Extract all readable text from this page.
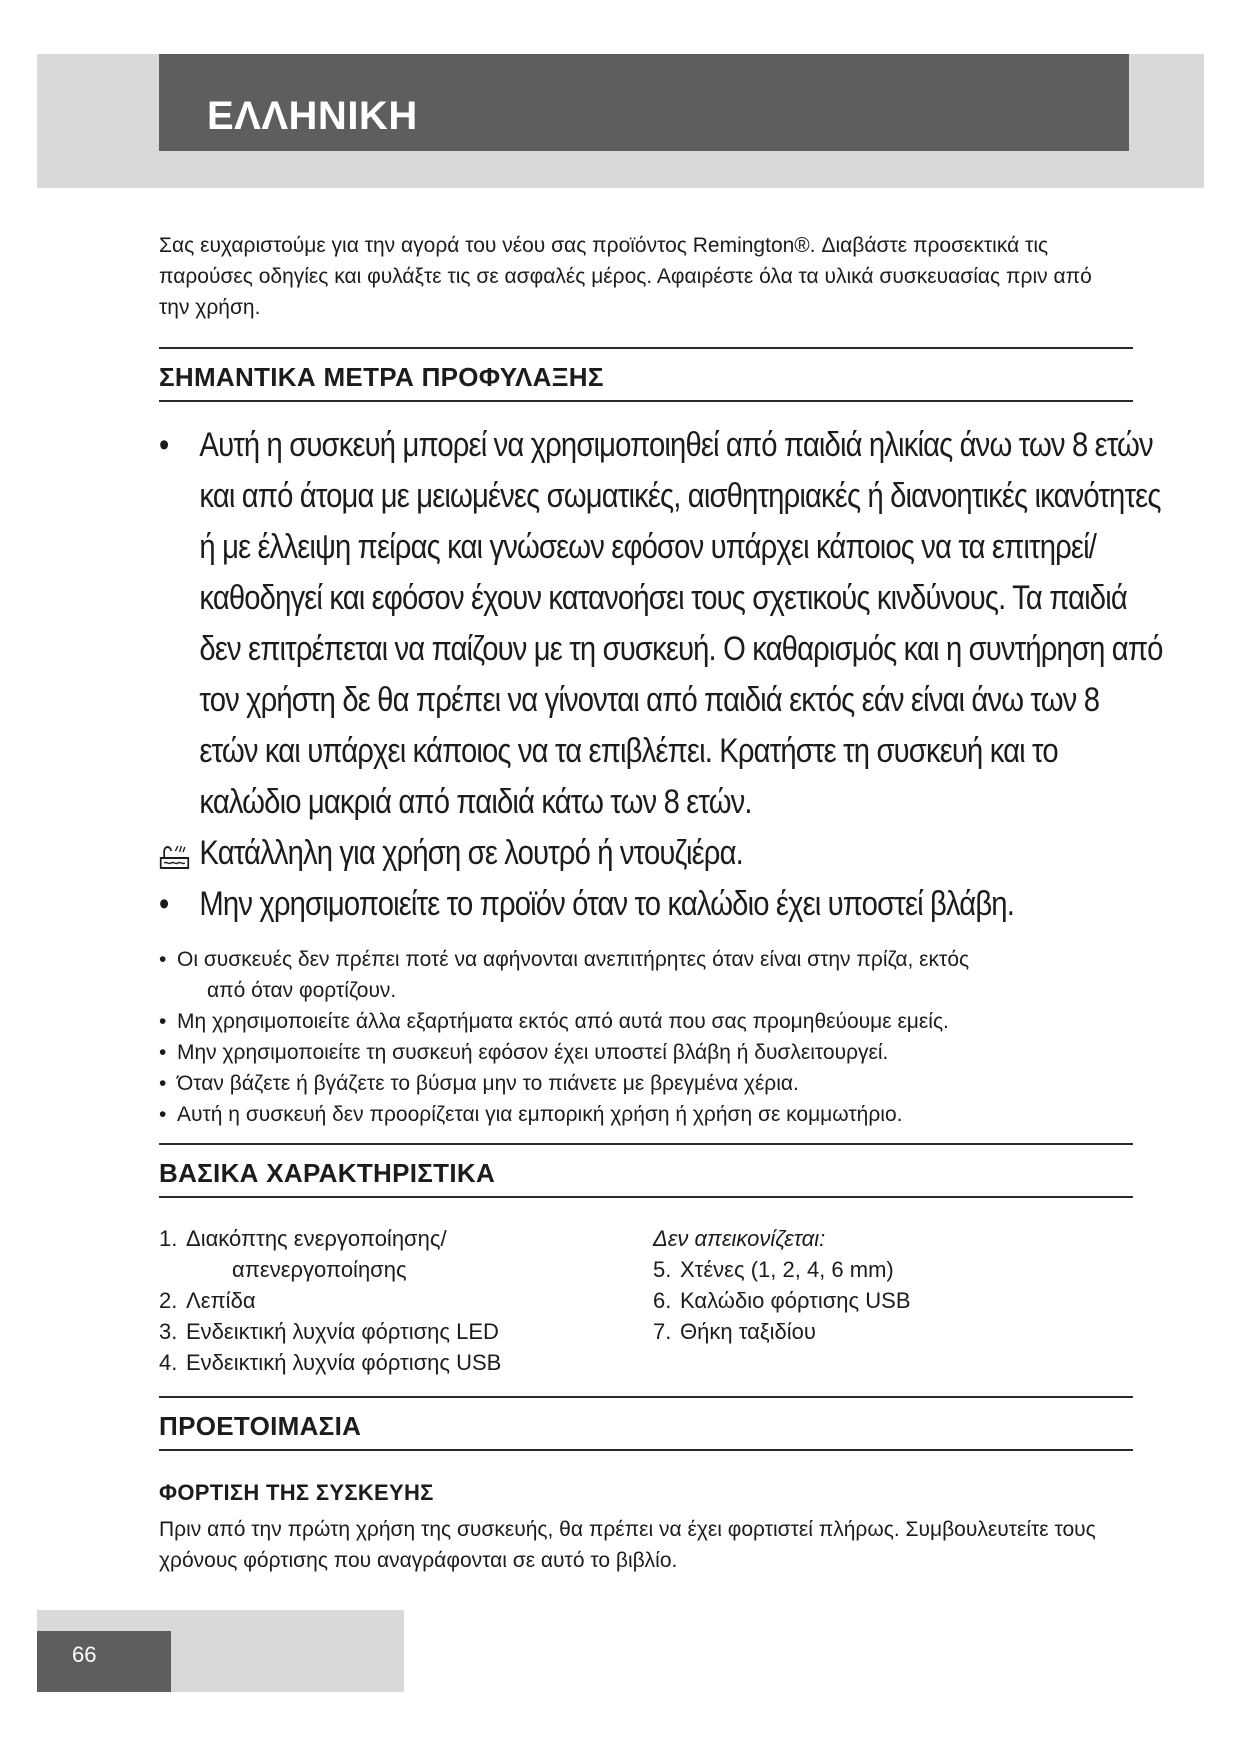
ΕΛΛΗΝΙΚΗ

Σας ευχαριστούμε για την αγορά του νέου σας προϊόντος Remington®. Διαβάστε προσεκτικά τις παρούσες οδηγίες και φυλάξτε τις σε ασφαλές μέρος. Αφαιρέστε όλα τα υλικά συσκευασίας πριν από την χρήση.

ΣΗΜΑΝΤΙΚΑ ΜΕΤΡΑ ΠΡΟΦΥΛΑΞΗΣ
• Αυτή η συσκευή μπορεί να χρησιμοποιηθεί από παιδιά ηλικίας άνω των 8 ετών και από άτομα με μειωμένες σωματικές, αισθητηριακές ή διανοητικές ικανότητες ή με έλλειψη πείρας και γνώσεων εφόσον υπάρχει κάποιος να τα επιτηρεί/καθοδηγεί και εφόσον έχουν κατανοήσει τους σχετικούς κινδύνους. Τα παιδιά δεν επιτρέπεται να παίζουν με τη συσκευή. Ο καθαρισμός και η συντήρηση από τον χρήστη δε θα πρέπει να γίνονται από παιδιά εκτός εάν είναι άνω των 8 ετών και υπάρχει κάποιος να τα επιβλέπει. Κρατήστε τη συσκευή και το καλώδιο μακριά από παιδιά κάτω των 8 ετών.
Κατάλληλη για χρήση σε λουτρό ή ντουζιέρα.
• Μην χρησιμοποιείτε το προϊόν όταν το καλώδιο έχει υποστεί βλάβη.
• Οι συσκευές δεν πρέπει ποτέ να αφήνονται ανεπιτήρητες όταν είναι στην πρίζα, εκτός
από όταν φορτίζουν.
• Μη χρησιμοποιείτε άλλα εξαρτήματα εκτός από αυτά που σας προμηθεύουμε εμείς.
• Μην χρησιμοποιείτε τη συσκευή εφόσον έχει υποστεί βλάβη ή δυσλειτουργεί.
• Όταν βάζετε ή βγάζετε το βύσμα μην το πιάνετε με βρεγμένα χέρια.
• Αυτή η συσκευή δεν προορίζεται για εμπορική χρήση ή χρήση σε κομμωτήριο.
ΒΑΣΙΚΑ ΧΑΡΑΚΤΗΡΙΣΤΙΚΑ
1. Διακόπτης ενεργοποίησης/
απενεργοποίησης
2. Λεπίδα
3. Ενδεικτική λυχνία φόρτισης LED
4. Ενδεικτική λυχνία φόρτισης USB
Δεν απεικονίζεται:
5. Χτένες (1, 2, 4, 6 mm)
6. Καλώδιο φόρτισης USB
7. Θήκη ταξιδίου
ΠΡΟΕΤΟΙΜΑΣΙΑ
ΦΟΡΤΙΣΗ ΤΗΣ ΣΥΣΚΕΥΗΣ

Πριν από την πρώτη χρήση της συσκευής, θα πρέπει να έχει φορτιστεί πλήρως. Συμβουλευτείτε τους χρόνους φόρτισης που αναγράφονται σε αυτό το βιβλίο.

66
